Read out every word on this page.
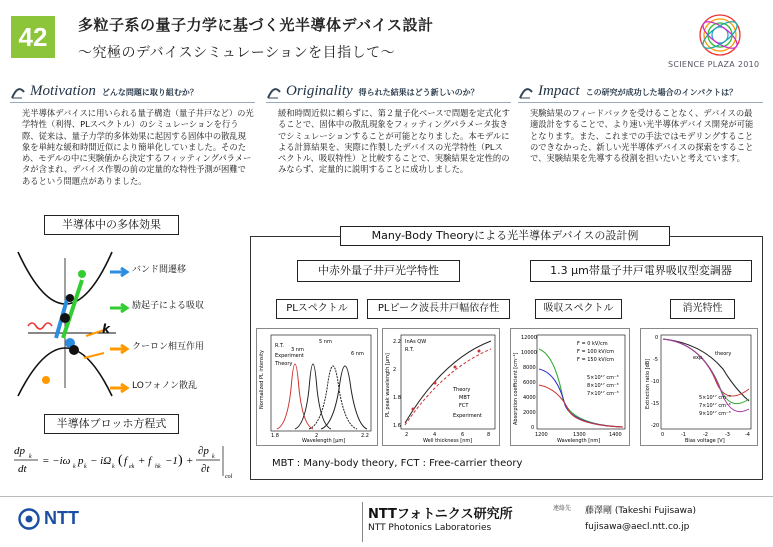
42	多粒子系の量子力学に基づく光半導体デバイス設計
〜究極のデバイスシミュレーションを目指して〜
SCIENCE PLAZA 2010
Motivation どんな問題に取り組むか？
光半導体デバイスに用いられる量子構造（量子井戸など）の光学特性（利得、PLスペクトル）のシミュレーションを行う際、従来は、量子力学的多体効果に起因する固体中の散乱現象を単純な緩和時間近似により簡単化していました。そのため、モデルの中に実験値から決定するフィッティングパラメータが含まれ、デバイス作製の前の定量的な特性予測が困難であるという問題点がありました。
Originality 得られた結果はどう新しいのか？
緩和時間近似に頼らずに、第２量子化ベースで問題を定式化することで、固体中の散乱現象をフィッティングパラメータ抜きでシミュレーションすることが可能となりました。本モデルによる計算結果を、実際に作製したデバイスの光学特性（PLスペクトル、吸収特性）と比較することで、実験結果を定性的のみならず、定量的に説明することに成功しました。
Impact この研究が成功した場合のインパクトは？
実験結果のフィードバックを受けることなく、デバイスの最適設計をすることで、より速い光半導体デバイス開発が可能となります。また、これまでの手法ではモデリングすることのできなかった、新しい光半導体デバイスの探索をすることで、実験結果を先導する役割を担いたいと考えています。
半導体中の多体効果
k
バンド間遷移
励起子による吸収
クーロン相互作用
LOフォノン散乱
半導体ブロッホ方程式
dp k
dt
= −iω k p k − iΩ k ( f ek + f hk −1 ) +
∂p k
∂t
col
Many-Body Theoryによる光半導体デバイスの設計例
中赤外量子井戸光学特性	1.3 μm帯量子井戸電界吸収型変調器
PLスペクトル	PLピーク波長井戸幅依存性	吸収スペクトル	消光特性
Normalized PL intensity
Wavelength [μm]
1.8	2	2.2
3 nm
5 nm
6 nm
R.T.
Experiment
Theory	PL peak wavelength [μm]
Well thickness [nm]
2	4	6	8
1.6
1.8
2
2.2 InAs QW
R.T.
Theory
MBT
FCT
Experiment	Absorption coefficient [cm⁻¹]
Wavelength [nm]
1200	1300	1400
0
2000
4000
6000
8000
10000
12000
F = 0 kV/cm
F = 100 kV/cm
F = 150 kV/cm
5×10¹⁷ cm⁻³
8×10¹⁷ cm⁻³
7×10¹⁷ cm⁻³	Extinction ratio [dB]
Bias voltage [V]
0	-1	-2	-3	-4
0
-5
-10
-15
-20
exp.
theory
5×10¹⁷ cm⁻³
7×10¹⁷ cm⁻³
9×10¹⁷ cm⁻³
MBT : Many-body theory, FCT : Free-carrier theory
NTT	NTTフォトニクス研究所
NTT Photonics Laboratories
連絡先 藤澤剛 (Takeshi Fujisawa)
fujisawa@aecl.ntt.co.jp
